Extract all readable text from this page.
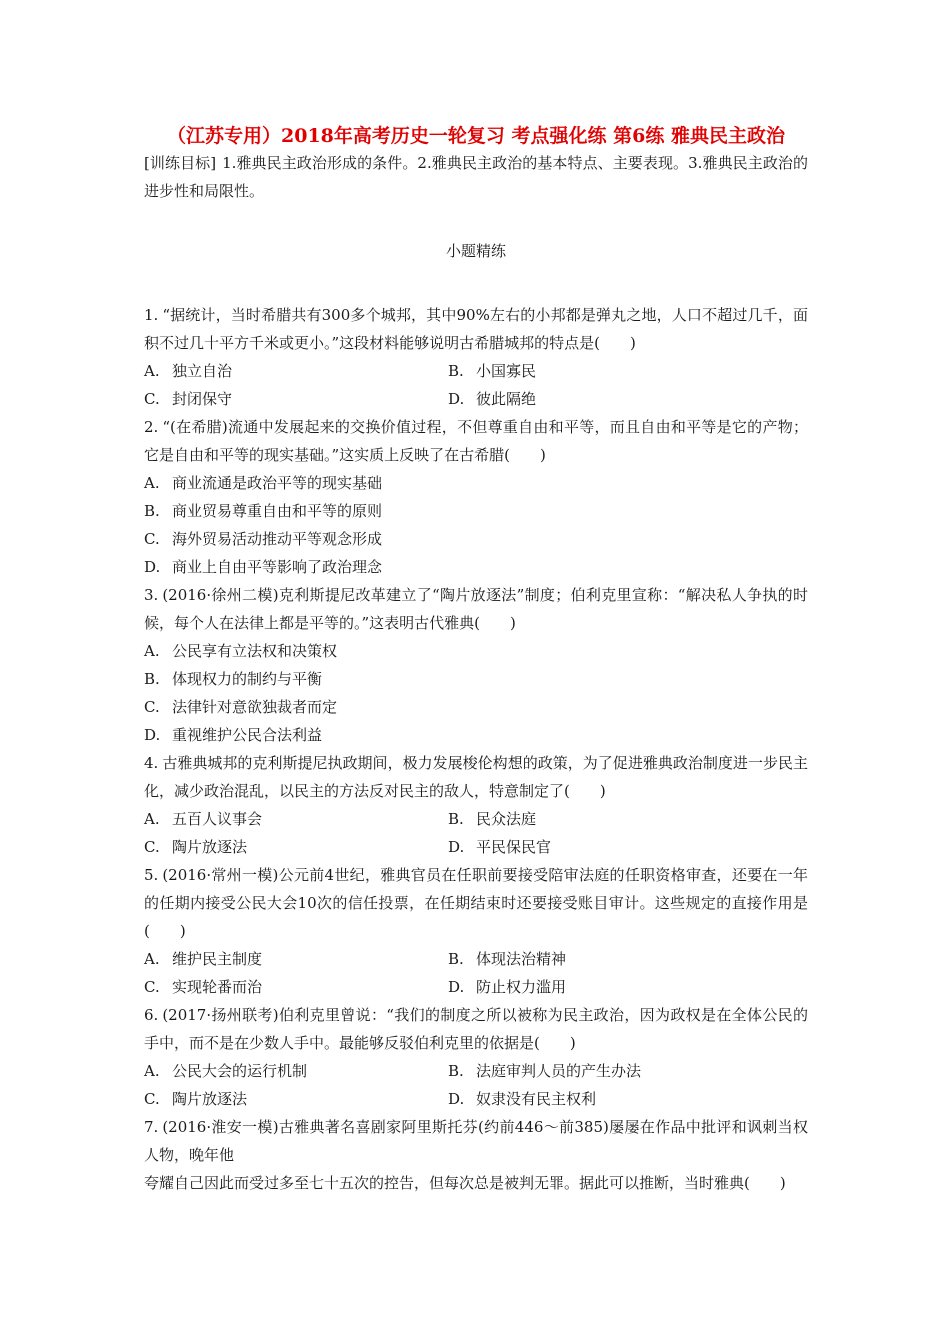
（江苏专用）2018年高考历史一轮复习 考点强化练 第6练 雅典民主政治

[训练目标] 1.雅典民主政治形成的条件。2.雅典民主政治的基本特点、主要表现。3.雅典民主政治的进步性和局限性。

小题精练

1. “据统计，当时希腊共有300多个城邦，其中90%左右的小邦都是弹丸之地，人口不超过几千，面积不过几十平方千米或更小。”这段材料能够说明古希腊城邦的特点是(　　)

A. 独立自治	B. 小国寡民
C. 封闭保守	D. 彼此隔绝

2. “(在希腊)流通中发展起来的交换价值过程，不但尊重自由和平等，而且自由和平等是它的产物；它是自由和平等的现实基础。”这实质上反映了在古希腊(　　)

A. 商业流通是政治平等的现实基础
B. 商业贸易尊重自由和平等的原则
C. 海外贸易活动推动平等观念形成
D. 商业上自由平等影响了政治理念

3. (2016·徐州二模)克利斯提尼改革建立了“陶片放逐法”制度；伯利克里宣称：“解决私人争执的时候，每个人在法律上都是平等的。”这表明古代雅典(　　)

A. 公民享有立法权和决策权
B. 体现权力的制约与平衡
C. 法律针对意欲独裁者而定
D. 重视维护公民合法利益

4. 古雅典城邦的克利斯提尼执政期间，极力发展梭伦构想的政策，为了促进雅典政治制度进一步民主化，减少政治混乱，以民主的方法反对民主的敌人，特意制定了(　　)

A. 五百人议事会	B. 民众法庭
C. 陶片放逐法	D. 平民保民官

5. (2016·常州一模)公元前4世纪，雅典官员在任职前要接受陪审法庭的任职资格审查，还要在一年的任期内接受公民大会10次的信任投票，在任期结束时还要接受账目审计。这些规定的直接作用是(　　)

A. 维护民主制度	B. 体现法治精神
C. 实现轮番而治	D. 防止权力滥用

6. (2017·扬州联考)伯利克里曾说：“我们的制度之所以被称为民主政治，因为政权是在全体公民的手中，而不是在少数人手中。最能够反驳伯利克里的依据是(　　)

A. 公民大会的运行机制	B. 法庭审判人员的产生办法
C. 陶片放逐法	D. 奴隶没有民主权利

7. (2016·淮安一模)古雅典著名喜剧家阿里斯托芬(约前446～前385)屡屡在作品中批评和讽刺当权人物，晚年他

夸耀自己因此而受过多至七十五次的控告，但每次总是被判无罪。据此可以推断，当时雅典(　　)
